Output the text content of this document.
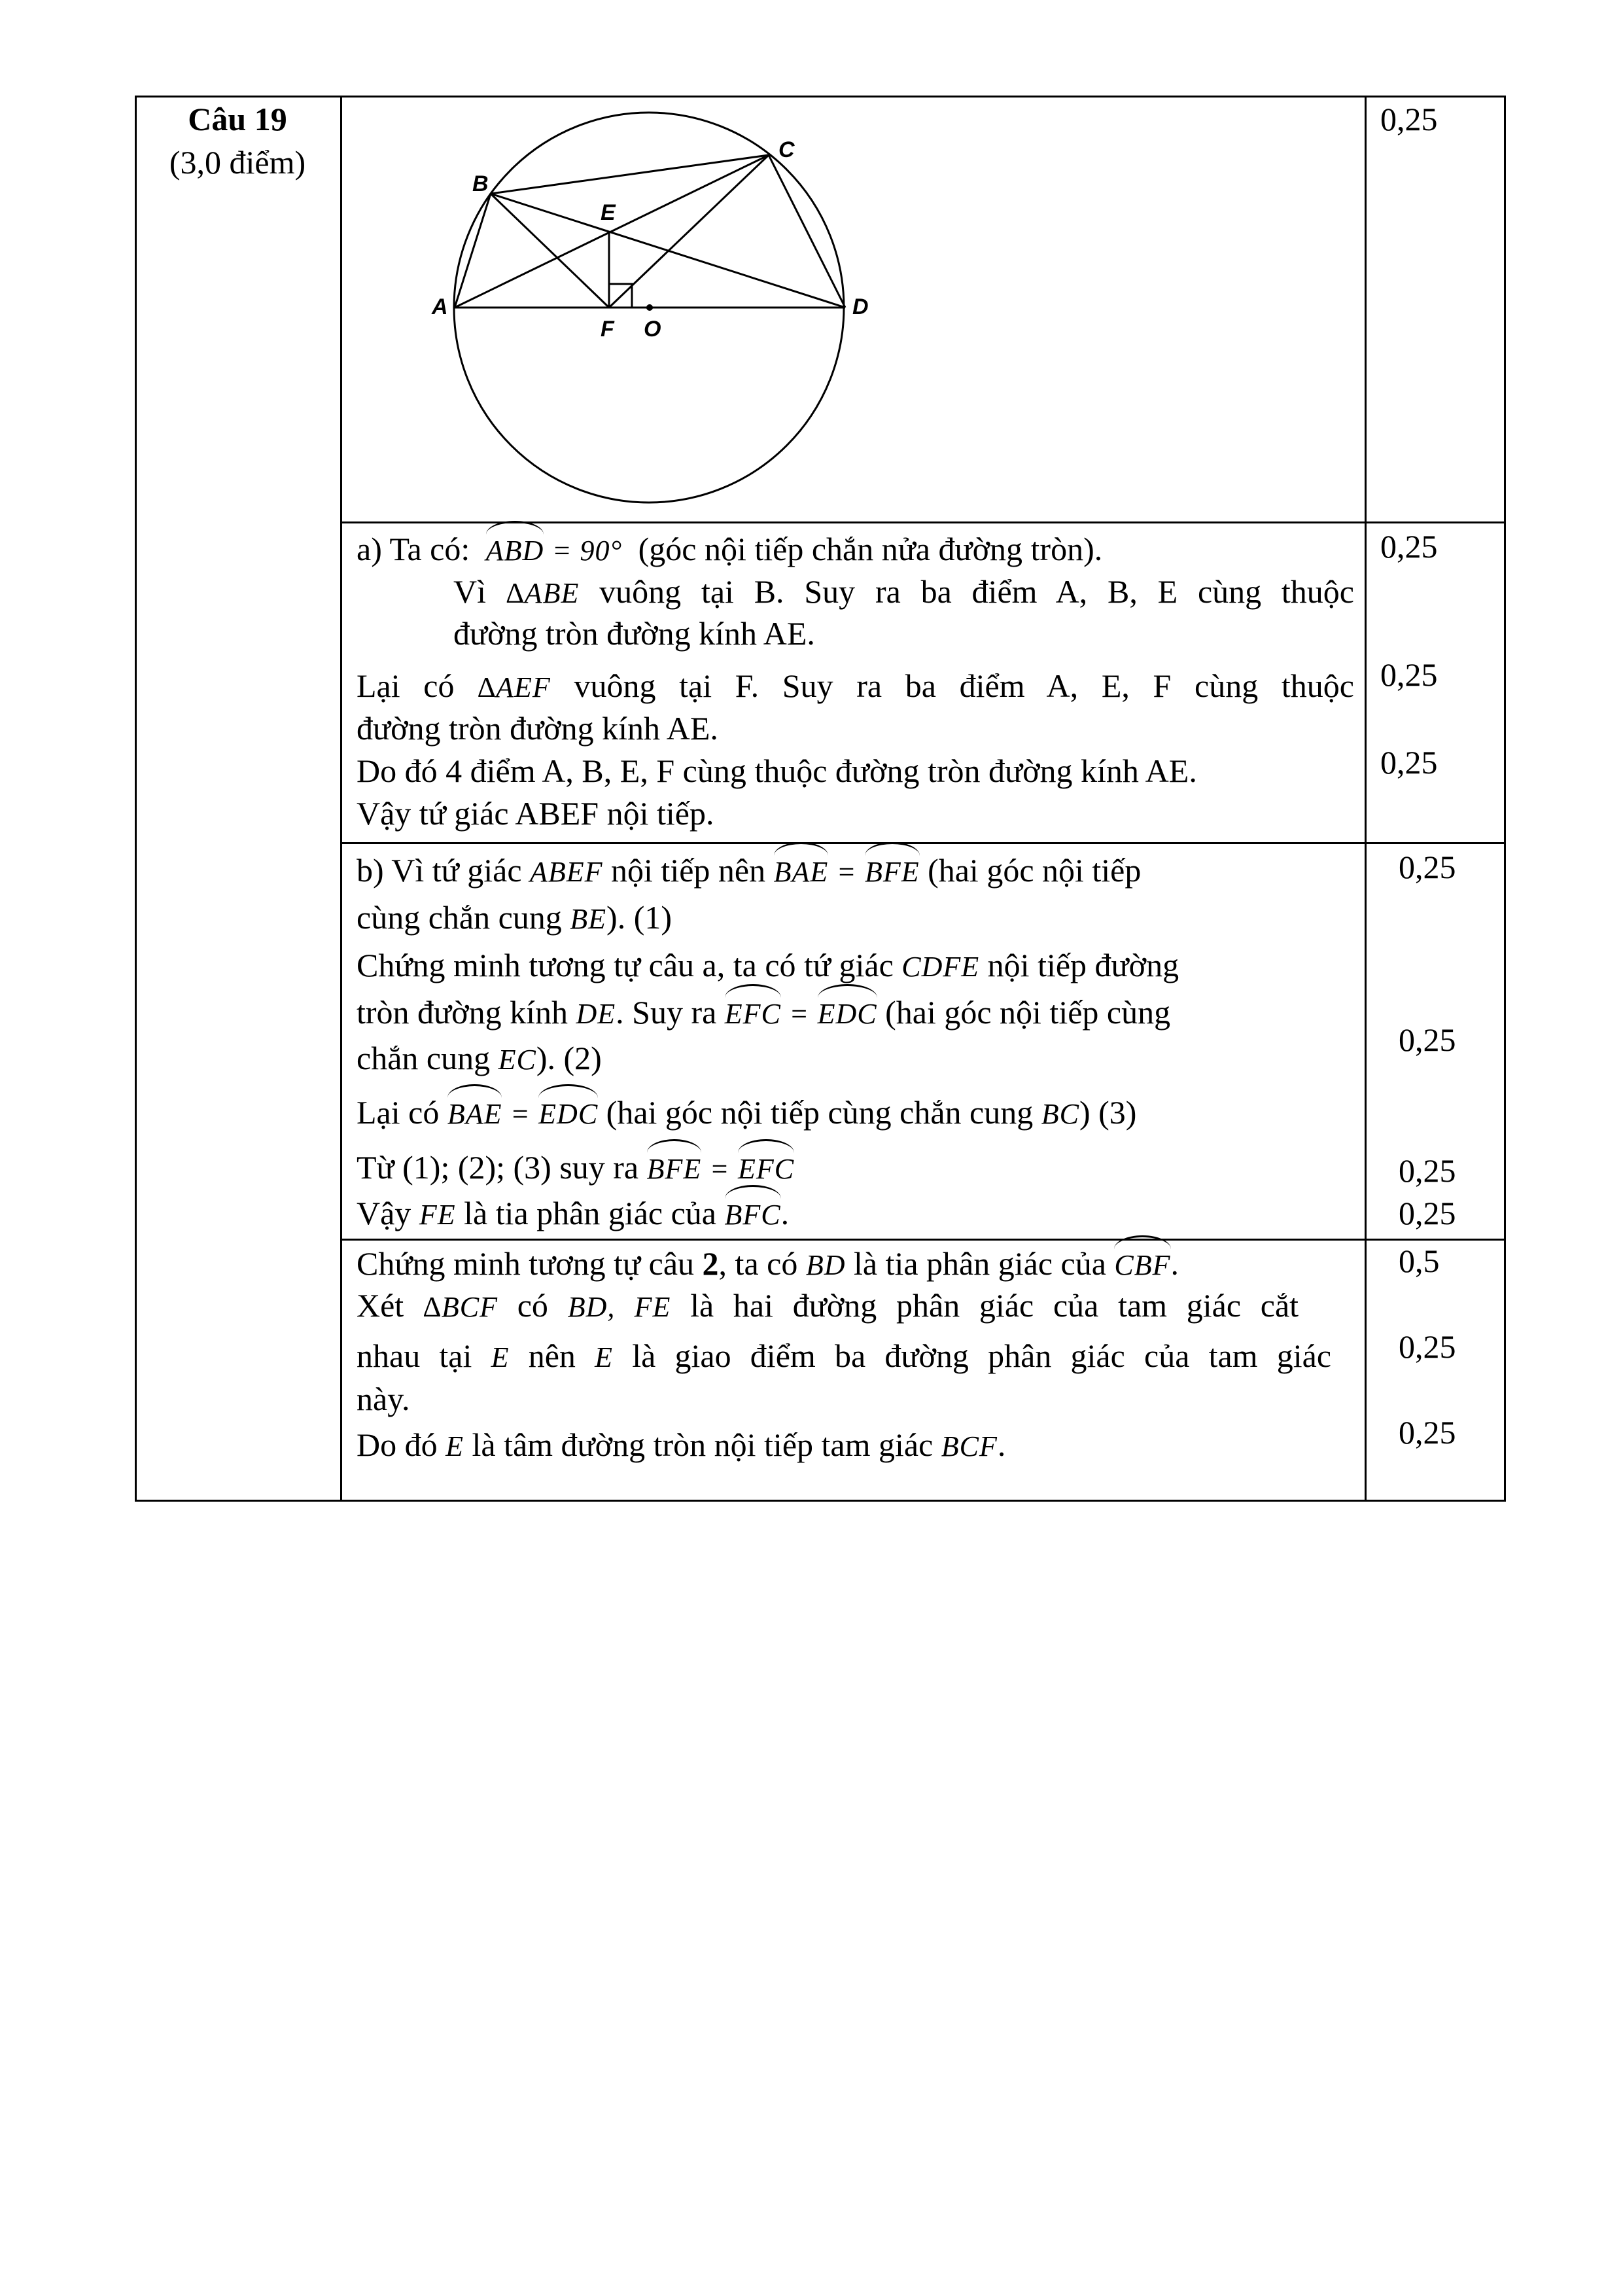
Câu 19
(3,0 điểm)
A
B
C
D
E
F O
0,25
0,25
0,25
0,25
0,25
0,25
0,25
0,25
0,5
0,25
0,25
a) Ta có: ABD = 90° (góc nội tiếp chắn nửa đường tròn).
Vì ∆ABE vuông tại B. Suy ra ba điểm A, B, E cùng thuộc
đường tròn đường kính AE.
Lại có ∆AEF vuông tại F. Suy ra ba điểm A, E, F cùng thuộc
đường tròn đường kính AE.
Do đó 4 điểm A, B, E, F cùng thuộc đường tròn đường kính AE.
Vậy tứ giác ABEF nội tiếp.
b) Vì tứ giác ABEF nội tiếp nên BAE = BFE (hai góc nội tiếp
cùng chắn cung BE). (1)
Chứng minh tương tự câu a, ta có tứ giác CDFE nội tiếp đường
tròn đường kính DE. Suy ra EFC = EDC (hai góc nội tiếp cùng
chắn cung EC). (2)
Lại có BAE = EDC (hai góc nội tiếp cùng chắn cung BC) (3)
Từ (1); (2); (3) suy ra BFE = EFC
Vậy FE là tia phân giác của BFC.
Chứng minh tương tự câu 2, ta có BD là tia phân giác của CBF.
Xét ∆BCF có BD, FE là hai đường phân giác của tam giác cắt
nhau tại E nên E là giao điểm ba đường phân giác của tam giác
này.
Do đó E là tâm đường tròn nội tiếp tam giác BCF.
